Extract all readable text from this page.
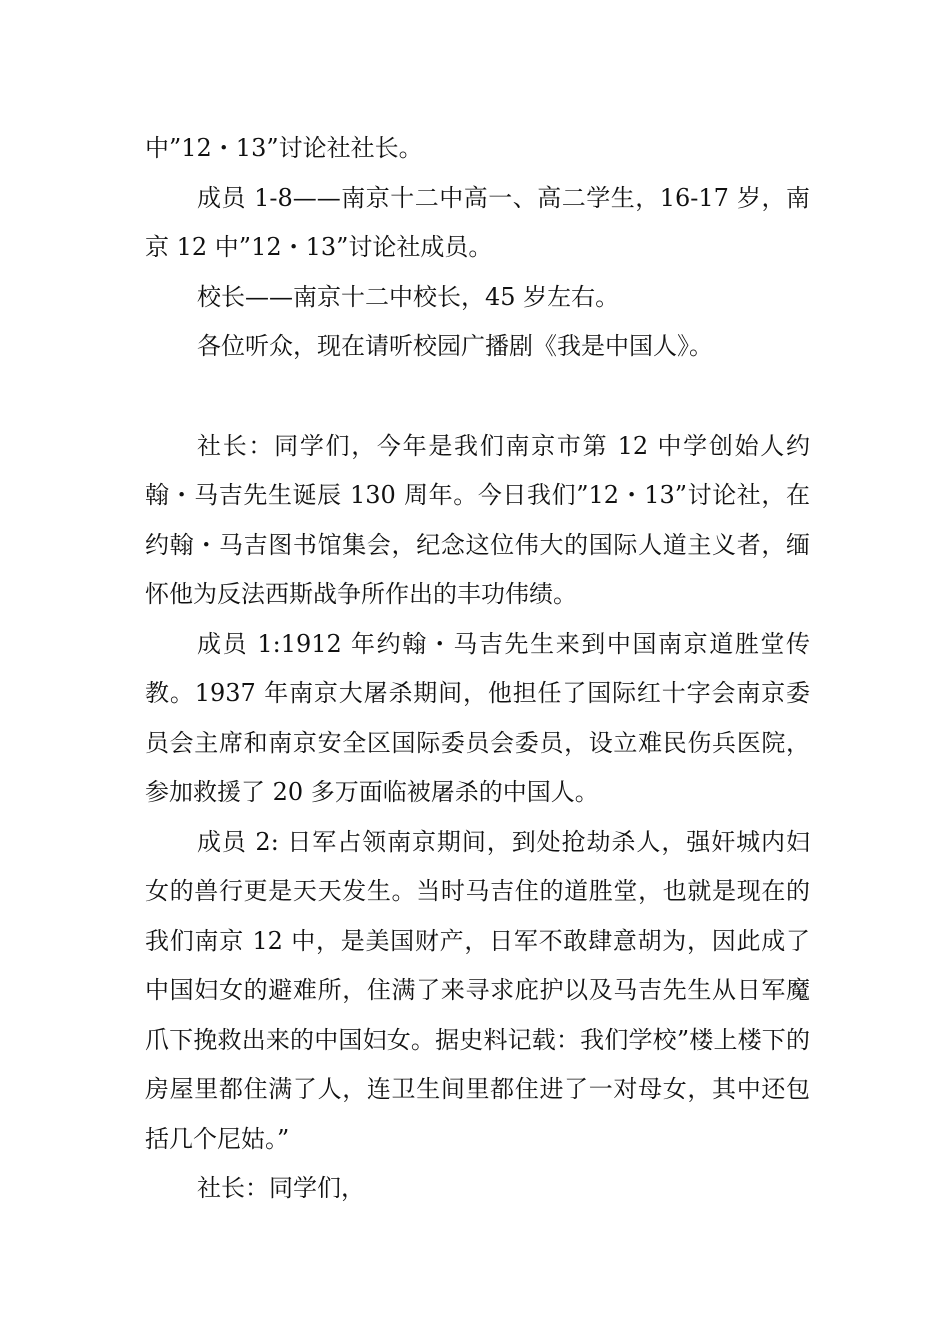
中”12・13”讨论社社长。

成员 1-8——南京十二中高一、高二学生，16-17 岁，南京 12 中”12・13”讨论社成员。

校长——南京十二中校长，45 岁左右。

各位听众，现在请听校园广播剧《我是中国人》。

社长：同学们，今年是我们南京市第 12 中学创始人约翰・马吉先生诞辰 130 周年。今日我们”12・13”讨论社，在约翰・马吉图书馆集会，纪念这位伟大的国际人道主义者，缅怀他为反法西斯战争所作出的丰功伟绩。

成员 1:1912 年约翰・马吉先生来到中国南京道胜堂传教。1937 年南京大屠杀期间，他担任了国际红十字会南京委员会主席和南京安全区国际委员会委员，设立难民伤兵医院，参加救援了 20 多万面临被屠杀的中国人。

成员 2: 日军占领南京期间，到处抢劫杀人，强奸城内妇女的兽行更是天天发生。当时马吉住的道胜堂，也就是现在的我们南京 12 中，是美国财产，日军不敢肆意胡为，因此成了中国妇女的避难所，住满了来寻求庇护以及马吉先生从日军魔爪下挽救出来的中国妇女。据史料记载：我们学校”楼上楼下的房屋里都住满了人，连卫生间里都住进了一对母女，其中还包括几个尼姑。”

社长：同学们，
